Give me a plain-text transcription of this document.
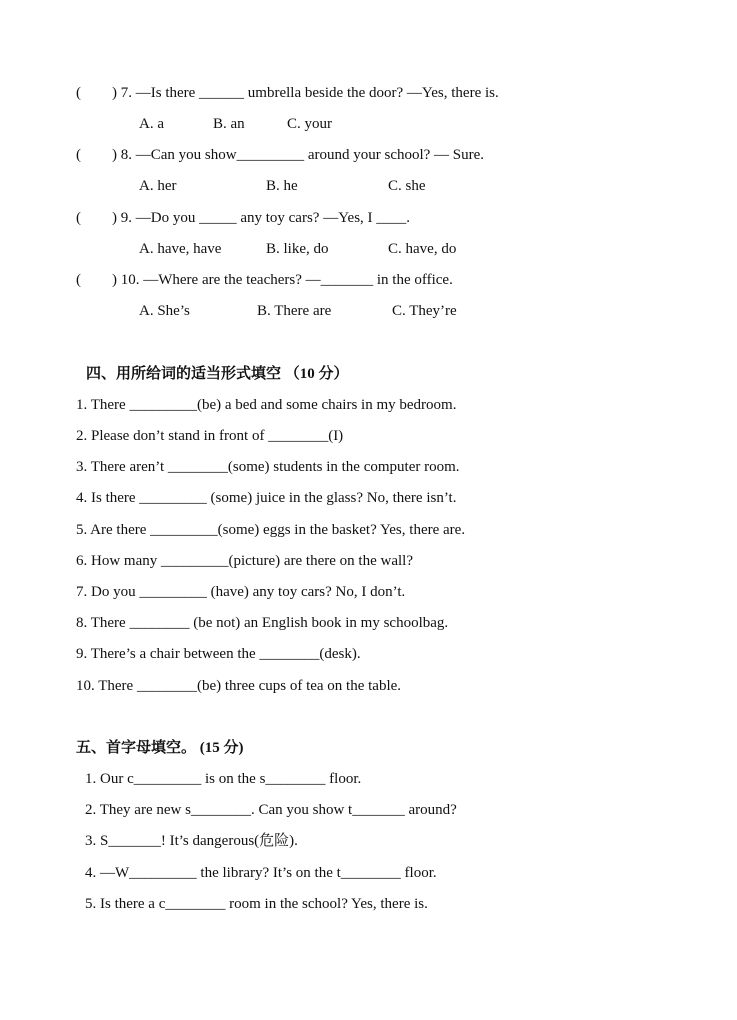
( ) 7. —Is there ______ umbrella beside the door? —Yes, there is.
A. a	B. an	C. your
( ) 8. —Can you show_________ around your school? — Sure.
A. her	B. he	C. she
( ) 9. —Do you _____ any toy cars? —Yes, I ____.
A. have, have	B. like, do	C. have, do
( ) 10. —Where are the teachers? —_______ in the office.
A. She’s	B. There are	C. They’re
四、用所给词的适当形式填空 （10 分）
1. There _________(be) a bed and some chairs in my bedroom.
2. Please don’t stand in front of ________(I)
3. There aren’t ________(some) students in the computer room.
4. Is there _________ (some) juice in the glass? No, there isn’t.
5. Are there _________(some) eggs in the basket? Yes, there are.
6. How many _________(picture) are there on the wall?
7. Do you _________ (have) any toy cars? No, I don’t.
8. There ________ (be not) an English book in my schoolbag.
9. There’s a chair between the ________(desk).
10. There ________(be) three cups of tea on the table.
五、首字母填空。 (15 分)
1. Our c_________ is on the s________ floor.
2. They are new s________. Can you show t_______ around?
3. S_______! It’s dangerous(危险).
4. —W_________ the library? It’s on the t________ floor.
5. Is there a c________ room in the school? Yes, there is.
